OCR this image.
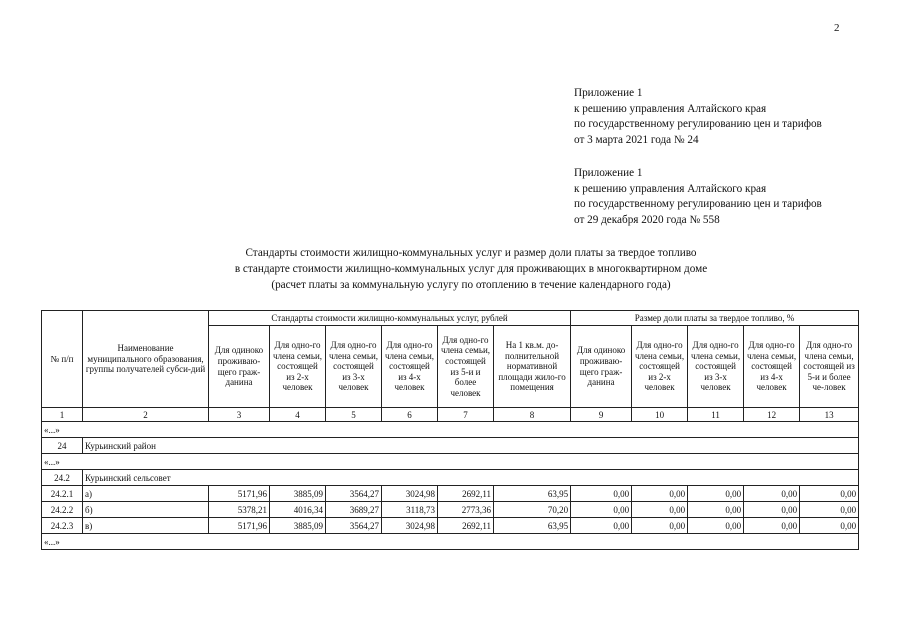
2
Приложение 1
к решению управления Алтайского края
по государственному регулированию цен и тарифов
от 3 марта 2021 года № 24
Приложение 1
к решению управления Алтайского края
по государственному регулированию цен и тарифов
от 29 декабря 2020 года № 558
Стандарты стоимости жилищно-коммунальных услуг и размер доли платы за твердое топливо
в стандарте стоимости жилищно-коммунальных услуг для проживающих в многоквартирном доме
(расчет платы за коммунальную услугу по отоплению в течение календарного года)
№ п/п	Наименование муниципального образования, группы получателей субси-дий	Стандарты стоимости жилищно-коммунальных услуг, рублей						Размер доли платы за твердое топливо, %				
		Для одиноко проживаю-щего граж-данина	Для одно-го члена семьи, состоящей из 2-х человек	Для одно-го члена семьи, состоящей из 3-х человек	Для одно-го члена семьи, состоящей из 4-х человек	Для одно-го члена семьи, состоящей из 5-и и более человек	На 1 кв.м. до-полнительной нормативной площади жило-го помещения	Для одиноко проживаю-щего граж-данина	Для одно-го члена семьи, состоящей из 2-х человек	Для одно-го члена семьи, состоящей из 3-х человек	Для одно-го члена семьи, состоящей из 4-х человек	Для одно-го члена семьи, состоящей из 5-и и более че-ловек
1	2	3	4	5	6	7	8	9	10	11	12	13
«...»												
24	Курьинский район											
«...»												
24.2	Курьинский сельсовет											
24.2.1	а)	5171,96	3885,09	3564,27	3024,98	2692,11	63,95	0,00	0,00	0,00	0,00	0,00
24.2.2	б)	5378,21	4016,34	3689,27	3118,73	2773,36	70,20	0,00	0,00	0,00	0,00	0,00
24.2.3	в)	5171,96	3885,09	3564,27	3024,98	2692,11	63,95	0,00	0,00	0,00	0,00	0,00
«...»												
